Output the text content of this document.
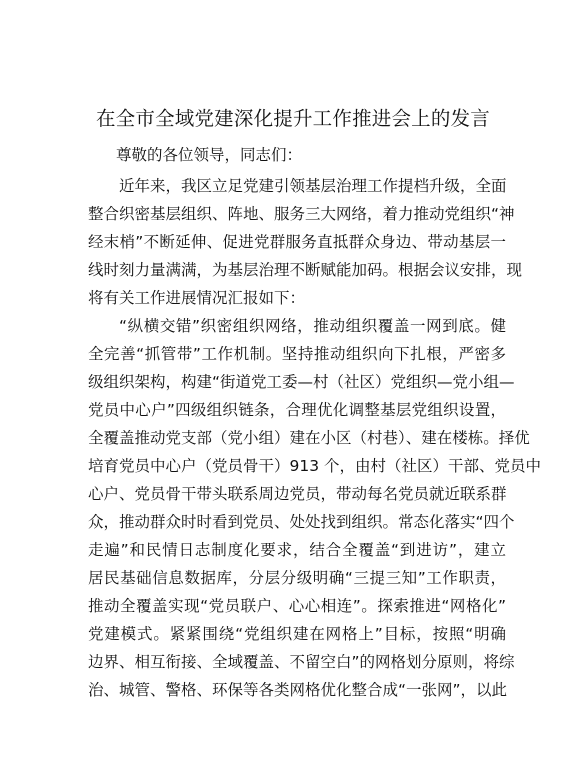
在全市全域党建深化提升工作推进会上的发言
尊敬的各位领导，同志们：
近年来，我区立足党建引领基层治理工作提档升级，全面
整合织密基层组织、阵地、服务三大网络，着力推动党组织“神
经末梢”不断延伸、促进党群服务直抵群众身边、带动基层一
线时刻力量满满，为基层治理不断赋能加码。根据会议安排，现
将有关工作进展情况汇报如下：
“纵横交错”织密组织网络，推动组织覆盖一网到底。健
全完善“抓管带”工作机制。坚持推动组织向下扎根，严密多
级组织架构，构建“街道党工委—村（社区）党组织—党小组—
党员中心户”四级组织链条，合理优化调整基层党组织设置，
全覆盖推动党支部（党小组）建在小区（村巷）、建在楼栋。择优
培育党员中心户（党员骨干）913 个，由村（社区）干部、党员中
心户、党员骨干带头联系周边党员，带动每名党员就近联系群
众，推动群众时时看到党员、处处找到组织。常态化落实“四个
走遍”和民情日志制度化要求，结合全覆盖“到进访”，建立
居民基础信息数据库，分层分级明确“三提三知”工作职责，
推动全覆盖实现“党员联户、心心相连”。探索推进“网格化”
党建模式。紧紧围绕“党组织建在网格上”目标，按照“明确
边界、相互衔接、全域覆盖、不留空白”的网格划分原则，将综
治、城管、警格、环保等各类网格优化整合成“一张网”，以此
